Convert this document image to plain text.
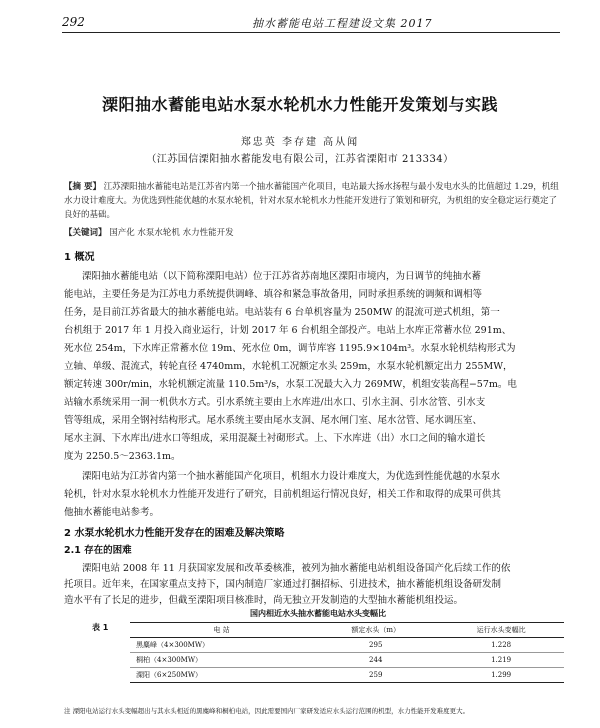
292	抽水蓄能电站工程建设文集 2017
溧阳抽水蓄能电站水泵水轮机水力性能开发策划与实践
郑忠英 李存建 高从闻
（江苏国信溧阳抽水蓄能发电有限公司，江苏省溧阳市 213334）
【摘 要】 江苏溧阳抽水蓄能电站是江苏省内第一个抽水蓄能国产化项目，电站最大扬水扬程与最小发电水头的比值超过 1.29，机组水力设计难度大。为优选到性能优越的水泵水轮机，针对水泵水轮机水力性能开发进行了策划和研究，为机组的安全稳定运行奠定了良好的基础。
【关键词】 国产化 水泵水轮机 水力性能开发
1 概况
溧阳抽水蓄能电站（以下简称溧阳电站）位于江苏省苏南地区溧阳市境内，为日调节的纯抽水蓄
能电站，主要任务是为江苏电力系统提供调峰、填谷和紧急事故备用，同时承担系统的调频和调相等
任务，是目前江苏省最大的抽水蓄能电站。电站装有 6 台单机容量为 250MW 的混流可逆式机组，第一
台机组于 2017 年 1 月投入商业运行，计划 2017 年 6 台机组全部投产。电站上水库正常蓄水位 291m、
死水位 254m，下水库正常蓄水位 19m、死水位 0m，调节库容 1195.9×104m³。水泵水轮机结构形式为
立轴、单级、混流式，转轮直径 4740mm，水轮机工况额定水头 259m，水泵水轮机额定出力 255MW，
额定转速 300r/min，水轮机额定流量 110.5m³/s，水泵工况最大入力 269MW，机组安装高程−57m。电
站输水系统采用一洞一机供水方式。引水系统主要由上水库进/出水口、引水主洞、引水岔管、引水支
管等组成，采用全钢衬结构形式。尾水系统主要由尾水支洞、尾水闸门室、尾水岔管、尾水调压室、
尾水主洞、下水库出/进水口等组成，采用混凝土衬砌形式。上、下水库进（出）水口之间的输水道长
度为 2250.5～2363.1m。
溧阳电站为江苏省内第一个抽水蓄能国产化项目，机组水力设计难度大，为优选到性能优越的水泵水
轮机，针对水泵水轮机水力性能开发进行了研究，目前机组运行情况良好，相关工作和取得的成果可供其
他抽水蓄能电站参考。
2 水泵水轮机水力性能开发存在的困难及解决策略
2.1 存在的困难
溧阳电站 2008 年 11 月获国家发展和改革委核准，被列为抽水蓄能电站机组设备国产化后续工作的依
托项目。近年来，在国家重点支持下，国内制造厂家通过打捆招标、引进技术，抽水蓄能机组设备研发制
造水平有了长足的进步，但截至溧阳项目核准时，尚无独立开发制造的大型抽水蓄能机组投运。
表 1
国内相近水头抽水蓄能电站水头变幅比
电 站	额定水头（m）	运行水头变幅比
黑麋峰（4×300MW）	295	1.228
桐柏（4×300MW）	244	1.219
溧阳（6×250MW）	259	1.299
注 溧阳电站运行水头变幅超出与其水头相近的黑麋峰和桐柏电站，因此需要国内厂家研发适应水头运行范围的机型，水力性能开发难度更大。
